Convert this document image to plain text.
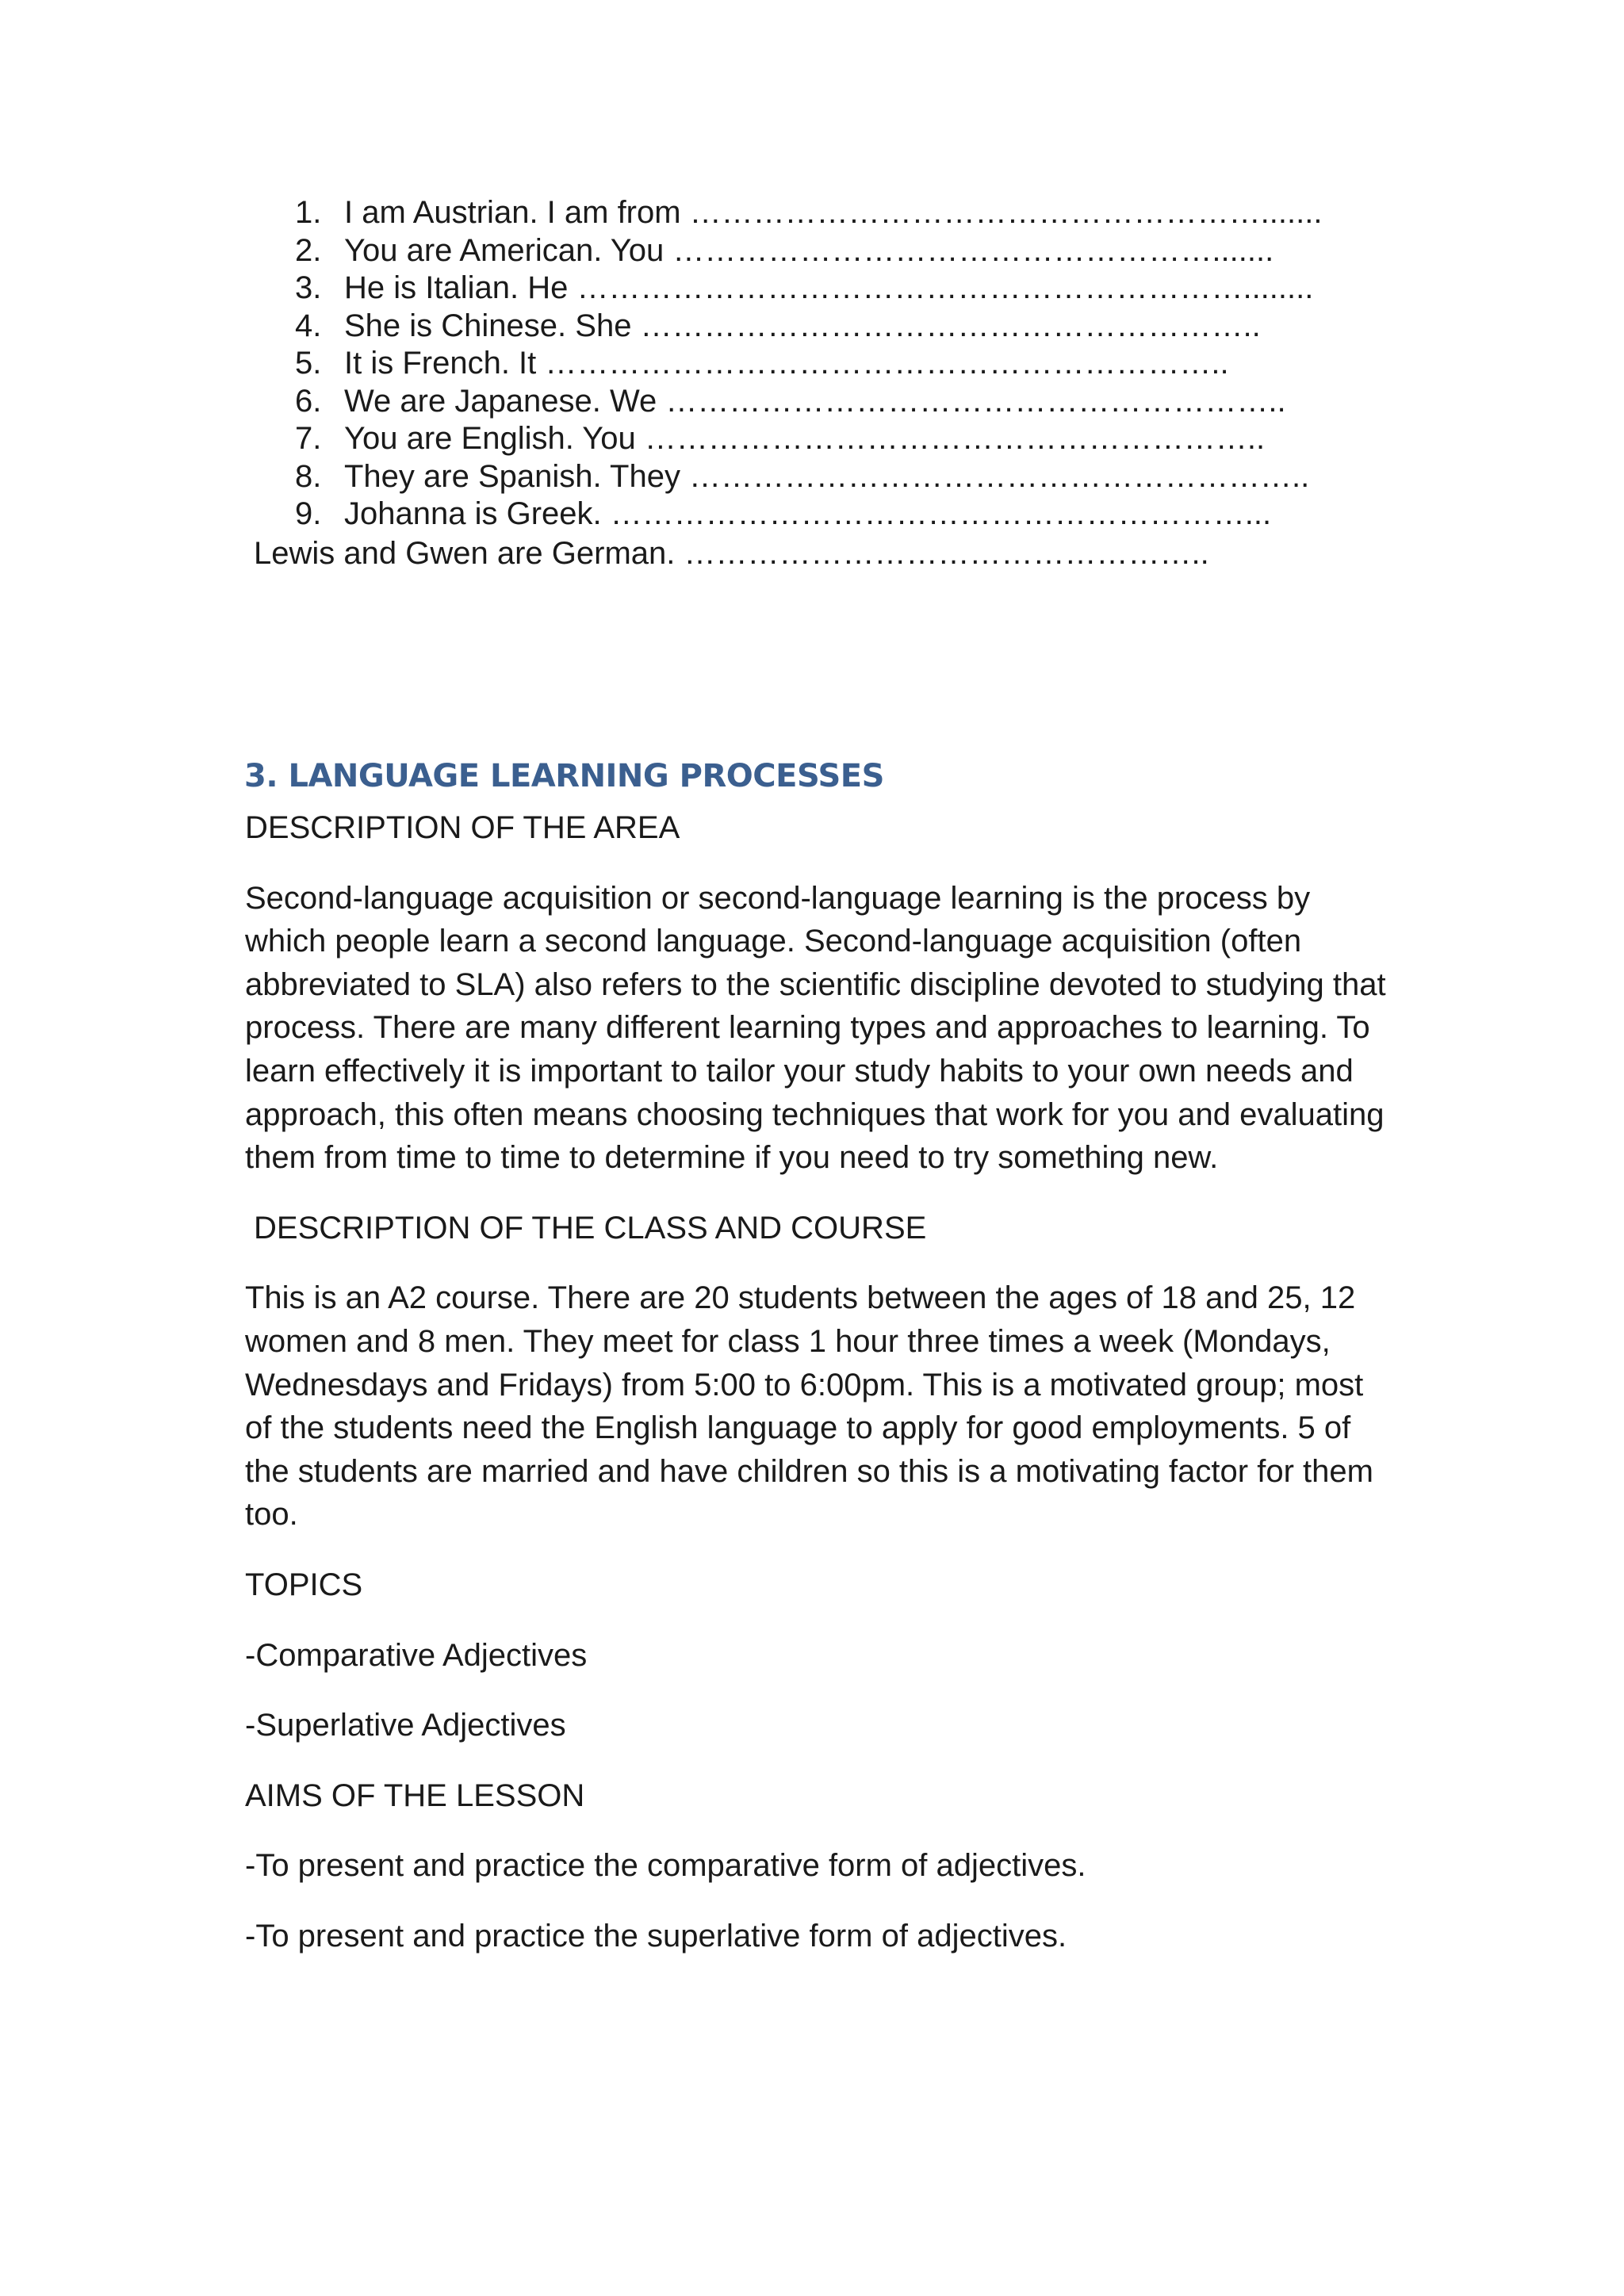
1. I am Austrian. I am from ……………………………………………….......
2. You are American. You …………………………………………….......
3. He is Italian. He ………………………………………………………........
4. She is Chinese. She …………………………………………………..
5. It is French. It ………………………………………………………..
6. We are Japanese. We …………………………………………………..
7. You are English. You …………………………………………………..
8. They are Spanish. They …………………………………………………..
9. Johanna is Greek. ……………………………………………………...

Lewis and Gwen are German. …………………………………………..

3. LANGUAGE LEARNING PROCESSES

DESCRIPTION OF THE AREA

Second-language acquisition or second-language learning is the process by which people learn a second language. Second-language acquisition (often abbreviated to SLA) also refers to the scientific discipline devoted to studying that process. There are many different learning types and approaches to learning. To learn effectively it is important to tailor your study habits to your own needs and approach, this often means choosing techniques that work for you and evaluating them from time to time to determine if you need to try something new.

DESCRIPTION OF THE CLASS AND COURSE

This is an A2 course. There are 20 students between the ages of 18 and 25, 12 women and 8 men. They meet for class 1 hour three times a week (Mondays, Wednesdays and Fridays) from 5:00 to 6:00pm. This is a motivated group; most of the students need the English language to apply for good employments. 5 of the students are married and have children so this is a motivating factor for them too.

TOPICS

-Comparative Adjectives

-Superlative Adjectives

AIMS OF THE LESSON

-To present and practice the comparative form of adjectives.

-To present and practice the superlative form of adjectives.
